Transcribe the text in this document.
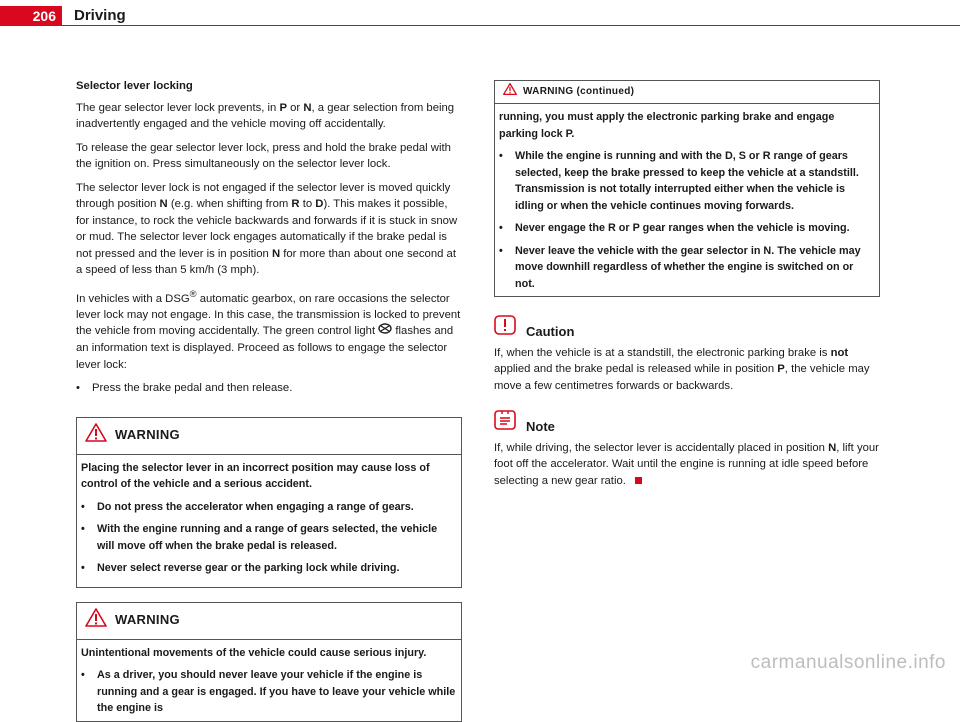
206	Driving

Selector lever locking

The gear selector lever lock prevents, in P or N, a gear selection from being inadvertently engaged and the vehicle moving off accidentally.

To release the gear selector lever lock, press and hold the brake pedal with the ignition on. Press simultaneously on the selector lever lock.

The selector lever lock is not engaged if the selector lever is moved quickly through position N (e.g. when shifting from R to D). This makes it possible, for instance, to rock the vehicle backwards and forwards if it is stuck in snow or mud. The selector lever lock engages automatically if the brake pedal is not pressed and the lever is in position N for more than about one second at a speed of less than 5 km/h (3 mph).

In vehicles with a DSG® automatic gearbox, on rare occasions the selector lever lock may not engage. In this case, the transmission is locked to prevent the vehicle from moving accidentally. The green control light  flashes and an information text is displayed. Proceed as follows to engage the selector lever lock:

•	Press the brake pedal and then release.
WARNING

Placing the selector lever in an incorrect position may cause loss of control of the vehicle and a serious accident.

•	Do not press the accelerator when engaging a range of gears.
•	With the engine running and a range of gears selected, the vehicle will move off when the brake pedal is released.
•	Never select reverse gear or the parking lock while driving.
WARNING

Unintentional movements of the vehicle could cause serious injury.

•	As a driver, you should never leave your vehicle if the engine is running and a gear is engaged. If you have to leave your vehicle while the engine is
WARNING (continued)

running, you must apply the electronic parking brake and engage parking lock P.

•	While the engine is running and with the D, S or R range of gears selected, keep the brake pressed to keep the vehicle at a standstill. Transmission is not totally interrupted either when the vehicle is idling or when the vehicle continues moving forwards.
•	Never engage the R or P gear ranges when the vehicle is moving.
•	Never leave the vehicle with the gear selector in N. The vehicle may move downhill regardless of whether the engine is switched on or not.
Caution

If, when the vehicle is at a standstill, the electronic parking brake is not applied and the brake pedal is released while in position P, the vehicle may move a few centimetres forwards or backwards.

Note

If, while driving, the selector lever is accidentally placed in position N, lift your foot off the accelerator. Wait until the engine is running at idle speed before selecting a new gear ratio.

carmanualsonline.info
